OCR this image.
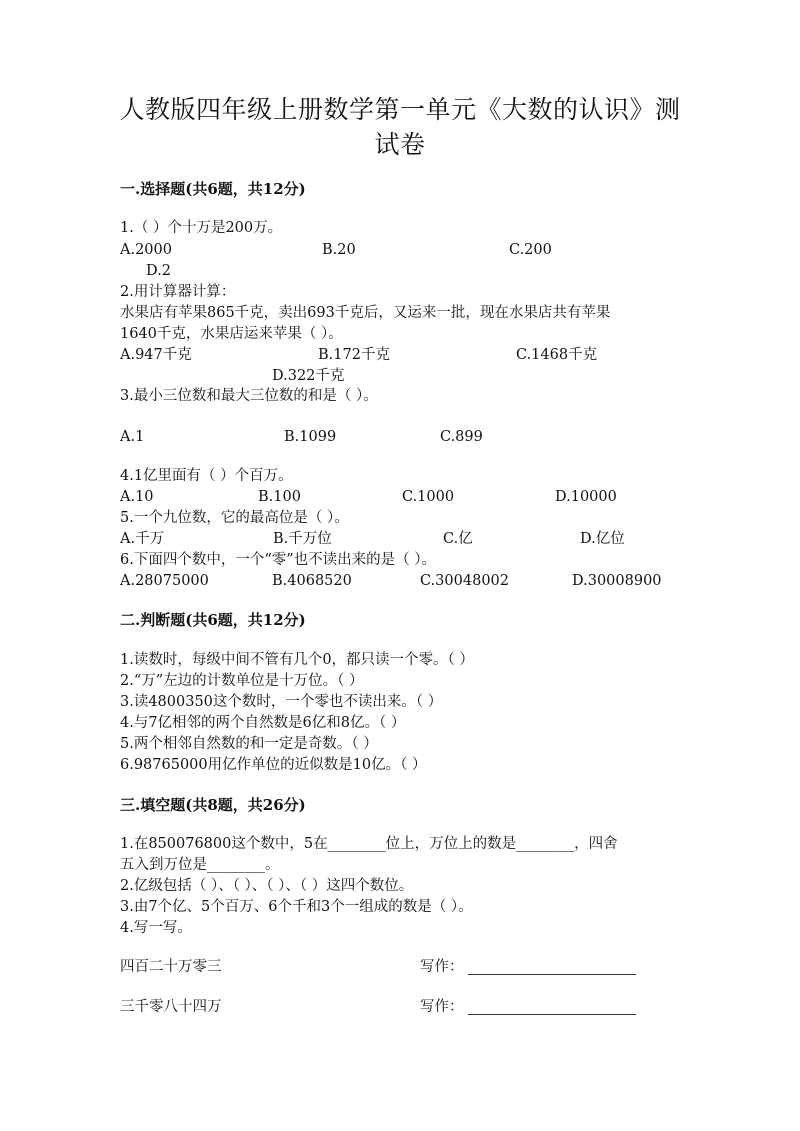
人教版四年级上册数学第一单元《大数的认识》测
试卷
一.选择题(共6题，共12分)
1.（ ）个十万是200万。
A.2000	B.20	C.200
D.2
2.用计算器计算：
水果店有苹果865千克，卖出693千克后，又运来一批，现在水果店共有苹果
1640千克，水果店运来苹果（ ）。
A.947千克	B.172千克	C.1468千克
D.322千克
3.最小三位数和最大三位数的和是（ ）。
A.1	B.1099	C.899
4.1亿里面有（ ）个百万。
A.10	B.100	C.1000	D.10000
5.一个九位数，它的最高位是（ ）。
A.千万	B.千万位	C.亿	D.亿位
6.下面四个数中，一个“零”也不读出来的是（ ）。
A.28075000	B.4068520	C.30048002	D.30008900
二.判断题(共6题，共12分)
1.读数时，每级中间不管有几个0，都只读一个零。（ ）
2.“万”左边的计数单位是十万位。（ ）
3.读4800350这个数时，一个零也不读出来。（ ）
4.与7亿相邻的两个自然数是6亿和8亿。（ ）
5.两个相邻自然数的和一定是奇数。（ ）
6.98765000用亿作单位的近似数是10亿。（ ）
三.填空题(共8题，共26分)
1.在850076800这个数中，5在________位上，万位上的数是________，四舍
五入到万位是________。
2.亿级包括（ ）、（ ）、（ ）、（ ）这四个数位。
3.由7个亿、5个百万、6个千和3个一组成的数是（ ）。
4.写一写。
四百二十万零三	写作：
三千零八十四万	写作：
